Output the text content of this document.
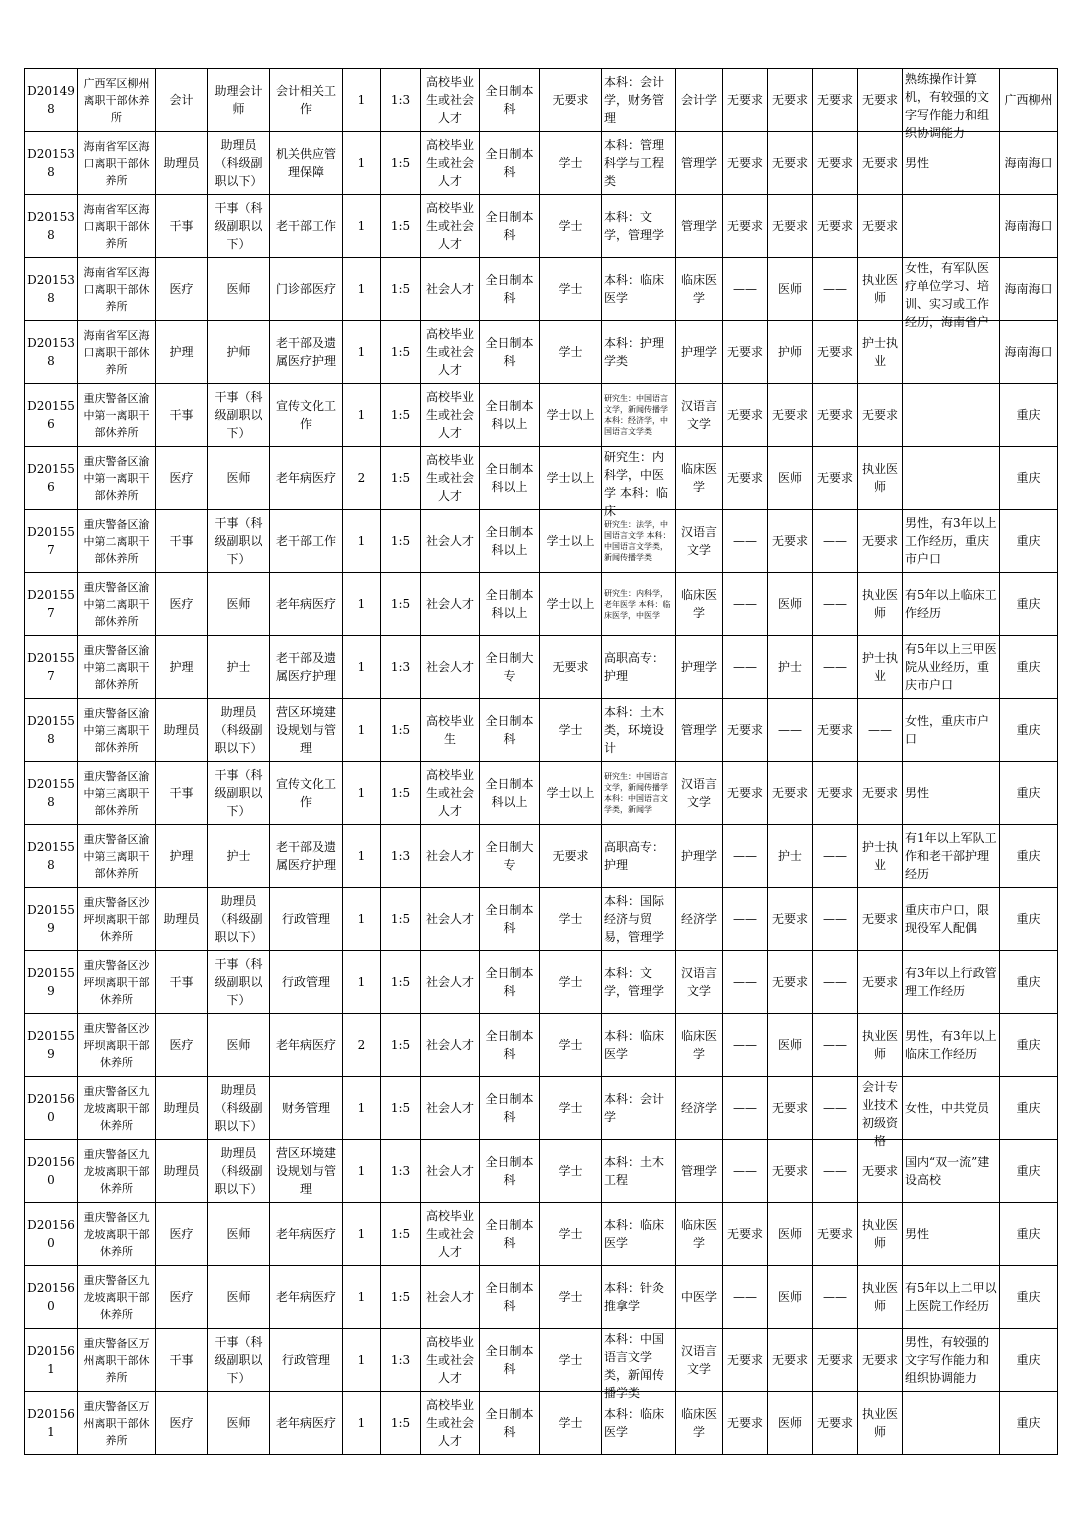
D201498	广西军区柳州离职干部休养所	会计	助理会计师	会计相关工作	1	1:3	高校毕业生或社会人才	全日制本科	无要求	本科：会计学，财务管理	会计学	无要求	无要求	无要求	无要求	熟练操作计算机，有较强的文字写作能力和组织协调能力	广西柳州

D201538	海南省军区海口离职干部休养所	助理员	助理员（科级副职以下）	机关供应管理保障	1	1:5	高校毕业生或社会人才	全日制本科	学士	本科：管理科学与工程类	管理学	无要求	无要求	无要求	无要求	男性	海南海口

D201538	海南省军区海口离职干部休养所	干事	干事（科级副职以下）	老干部工作	1	1:5	高校毕业生或社会人才	全日制本科	学士	本科：文学，管理学	管理学	无要求	无要求	无要求	无要求		海南海口

D201538	海南省军区海口离职干部休养所	医疗	医师	门诊部医疗	1	1:5	社会人才	全日制本科	学士	本科：临床医学	临床医学	——	医师	——	执业医师	女性，有军队医疗单位学习、培训、实习或工作经历，海南省户	海南海口

D201538	海南省军区海口离职干部休养所	护理	护师	老干部及遗属医疗护理	1	1:5	高校毕业生或社会人才	全日制本科	学士	本科：护理学类	护理学	无要求	护师	无要求	护士执业		海南海口

D201556	重庆警备区渝中第一离职干部休养所	干事	干事（科级副职以下）	宣传文化工作	1	1:5	高校毕业生或社会人才	全日制本科以上	学士以上	研究生：中国语言文学，新闻传播学 本科：经济学，中国语言文学类	汉语言文学	无要求	无要求	无要求	无要求		重庆

D201556	重庆警备区渝中第一离职干部休养所	医疗	医师	老年病医疗	2	1:5	高校毕业生或社会人才	全日制本科以上	学士以上	研究生：内科学，中医学 本科：临床	临床医学	无要求	医师	无要求	执业医师		重庆

D201557	重庆警备区渝中第二离职干部休养所	干事	干事（科级副职以下）	老干部工作	1	1:5	社会人才	全日制本科以上	学士以上	研究生：法学，中国语言文学 本科：中国语言文学类，新闻传播学类	汉语言文学	——	无要求	——	无要求	男性，有3年以上工作经历，重庆市户口	重庆

D201557	重庆警备区渝中第二离职干部休养所	医疗	医师	老年病医疗	1	1:5	社会人才	全日制本科以上	学士以上	研究生：内科学，老年医学 本科：临床医学，中医学	临床医学	——	医师	——	执业医师	有5年以上临床工作经历	重庆

D201557	重庆警备区渝中第二离职干部休养所	护理	护士	老干部及遗属医疗护理	1	1:3	社会人才	全日制大专	无要求	高职高专：护理	护理学	——	护士	——	护士执业	有5年以上三甲医院从业经历，重庆市户口	重庆

D201558	重庆警备区渝中第三离职干部休养所	助理员	助理员（科级副职以下）	营区环境建设规划与管理	1	1:5	高校毕业生	全日制本科	学士	本科：土木类，环境设计	管理学	无要求	——	无要求	——	女性，重庆市户口	重庆

D201558	重庆警备区渝中第三离职干部休养所	干事	干事（科级副职以下）	宣传文化工作	1	1:5	高校毕业生或社会人才	全日制本科以上	学士以上	研究生：中国语言文学，新闻传播学 本科：中国语言文学类，新闻学	汉语言文学	无要求	无要求	无要求	无要求	男性	重庆

D201558	重庆警备区渝中第三离职干部休养所	护理	护士	老干部及遗属医疗护理	1	1:3	社会人才	全日制大专	无要求	高职高专：护理	护理学	——	护士	——	护士执业	有1年以上军队工作和老干部护理经历	重庆

D201559	重庆警备区沙坪坝离职干部休养所	助理员	助理员（科级副职以下）	行政管理	1	1:5	社会人才	全日制本科	学士	本科：国际经济与贸易，管理学	经济学	——	无要求	——	无要求	重庆市户口，限现役军人配偶	重庆

D201559	重庆警备区沙坪坝离职干部休养所	干事	干事（科级副职以下）	行政管理	1	1:5	社会人才	全日制本科	学士	本科：文学，管理学	汉语言文学	——	无要求	——	无要求	有3年以上行政管理工作经历	重庆

D201559	重庆警备区沙坪坝离职干部休养所	医疗	医师	老年病医疗	2	1:5	社会人才	全日制本科	学士	本科：临床医学	临床医学	——	医师	——	执业医师	男性，有3年以上临床工作经历	重庆

D201560	重庆警备区九龙坡离职干部休养所	助理员	助理员（科级副职以下）	财务管理	1	1:5	社会人才	全日制本科	学士	本科：会计学	经济学	——	无要求	——	会计专业技术初级资格	女性，中共党员	重庆

D201560	重庆警备区九龙坡离职干部休养所	助理员	助理员（科级副职以下）	营区环境建设规划与管理	1	1:3	社会人才	全日制本科	学士	本科：土木工程	管理学	——	无要求	——	无要求	国内“双一流”建设高校	重庆

D201560	重庆警备区九龙坡离职干部休养所	医疗	医师	老年病医疗	1	1:5	高校毕业生或社会人才	全日制本科	学士	本科：临床医学	临床医学	无要求	医师	无要求	执业医师	男性	重庆

D201560	重庆警备区九龙坡离职干部休养所	医疗	医师	老年病医疗	1	1:5	社会人才	全日制本科	学士	本科：针灸推拿学	中医学	——	医师	——	执业医师	有5年以上二甲以上医院工作经历	重庆

D201561	重庆警备区万州离职干部休养所	干事	干事（科级副职以下）	行政管理	1	1:3	高校毕业生或社会人才	全日制本科	学士	本科：中国语言文学类，新闻传播学类	汉语言文学	无要求	无要求	无要求	无要求	男性，有较强的文字写作能力和组织协调能力	重庆

D201561	重庆警备区万州离职干部休养所	医疗	医师	老年病医疗	1	1:5	高校毕业生或社会人才	全日制本科	学士	本科：临床医学	临床医学	无要求	医师	无要求	执业医师		重庆
